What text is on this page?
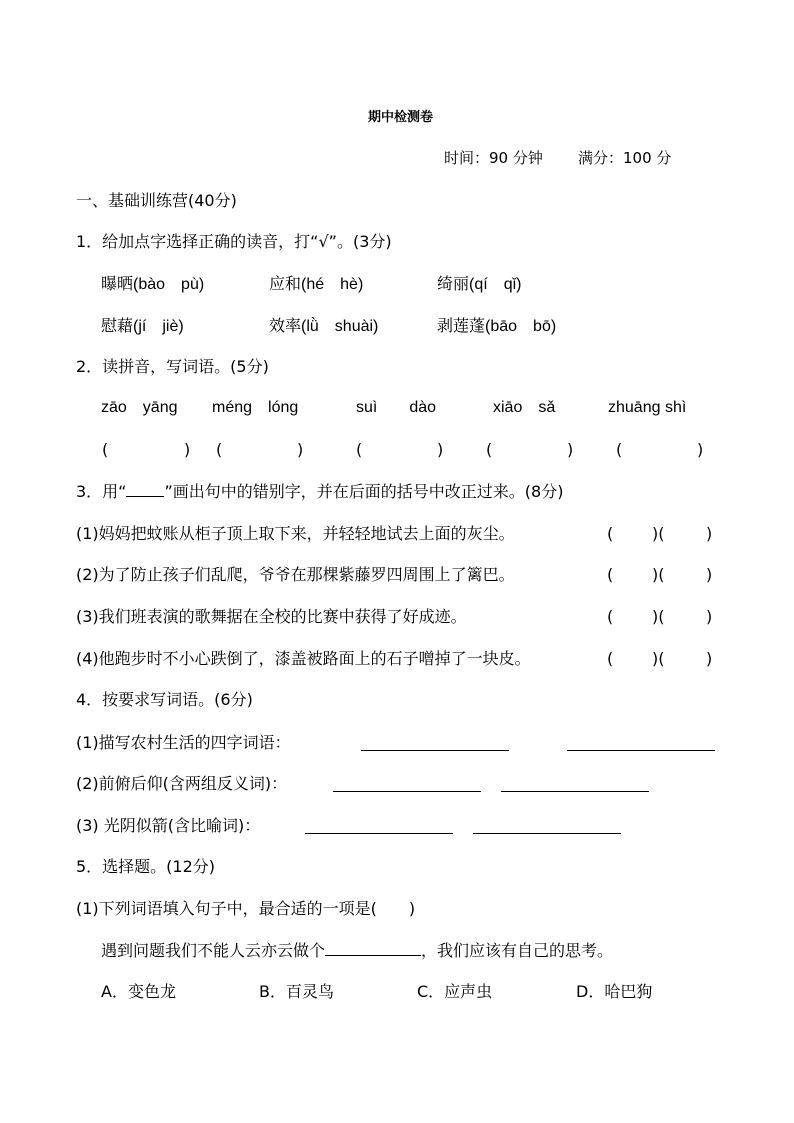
期中检测卷
时间：90 分钟 满分：100 分
一、基础训练营(40分)
1．给加点字选择正确的读音，打“√”。(3分)
曝晒(bào　pù)	应和(hé　hè)	绮丽(qí　qǐ)
慰藉(jí　jiè)	效率(lǜ　shuài)	剥莲蓬(bāo　bō)
2．读拼音，写词语。(5分)
zāo　yāng méng　lóng	suì　　dào	xiāo　sǎ	zhuāng shì
(	) (	)	(	)	(	)	(	)
3．用“ ”画出句中的错别字，并在后面的括号中改正过来。(8分)
(1)妈妈把蚊账从柜子顶上取下来，并轻轻地试去上面的灰尘。
(2)为了防止孩子们乱爬，爷爷在那棵紫藤罗四周围上了篱巴。
(3)我们班表演的歌舞据在全校的比赛中获得了好成迹。
(4)他跑步时不小心跌倒了，漆盖被路面上的石子噌掉了一块皮。
( )(	)
( )(	)
( )(	)
( )(	)
4．按要求写词语。(6分)
(1)描写农村生活的四字词语：
(2)前俯后仰(含两组反义词)：
(3) 光阴似箭(含比喻词)：
5．选择题。(12分)
(1)下列词语填入句子中，最合适的一项是(　　)
遇到问题我们不能人云亦云做个	，我们应该有自己的思考。
A．变色龙	B．百灵鸟	C．应声虫	D．哈巴狗
